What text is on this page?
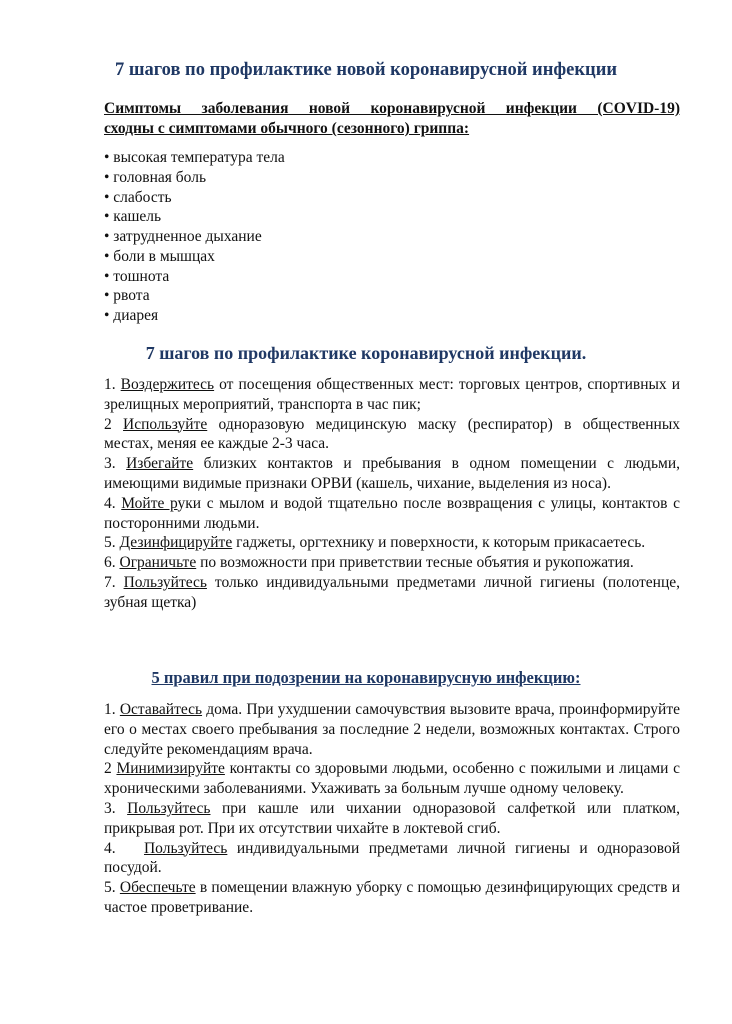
7 шагов по профилактике новой коронавирусной инфекции

Симптомы заболевания новой коронавирусной инфекции (COVID-19)
сходны с симптомами обычного (сезонного) гриппа:

• высокая температура тела
• головная боль
• слабость
• кашель
• затрудненное дыхание
• боли в мышцах
• тошнота
• рвота
• диарея
7 шагов по профилактике коронавирусной инфекции.
1. Воздержитесь от посещения общественных мест: торговых центров, спортивных и зрелищных мероприятий, транспорта в час пик;
2 Используйте одноразовую медицинскую маску (респиратор) в общественных местах, меняя ее каждые 2-3 часа.
3. Избегайте близких контактов и пребывания в одном помещении с людьми, имеющими видимые признаки ОРВИ (кашель, чихание, выделения из носа).
4. Мойте руки с мылом и водой тщательно после возвращения с улицы, контактов с посторонними людьми.
5. Дезинфицируйте гаджеты, оргтехнику и поверхности, к которым прикасаетесь.
6. Ограничьте по возможности при приветствии тесные объятия и рукопожатия.
7. Пользуйтесь только индивидуальными предметами личной гигиены (полотенце, зубная щетка)
5 правил при подозрении на коронавирусную инфекцию:
1. Оставайтесь дома. При ухудшении самочувствия вызовите врача, проинформируйте его о местах своего пребывания за последние 2 недели, возможных контактах. Строго следуйте рекомендациям врача.
2 Минимизируйте контакты со здоровыми людьми, особенно с пожилыми и лицами с хроническими заболеваниями. Ухаживать за больным лучше одному человеку.
3. Пользуйтесь при кашле или чихании одноразовой салфеткой или платком, прикрывая рот. При их отсутствии чихайте в локтевой сгиб.
4. Пользуйтесь индивидуальными предметами личной гигиены и одноразовой посудой.
5. Обеспечьте в помещении влажную уборку с помощью дезинфицирующих средств и частое проветривание.
